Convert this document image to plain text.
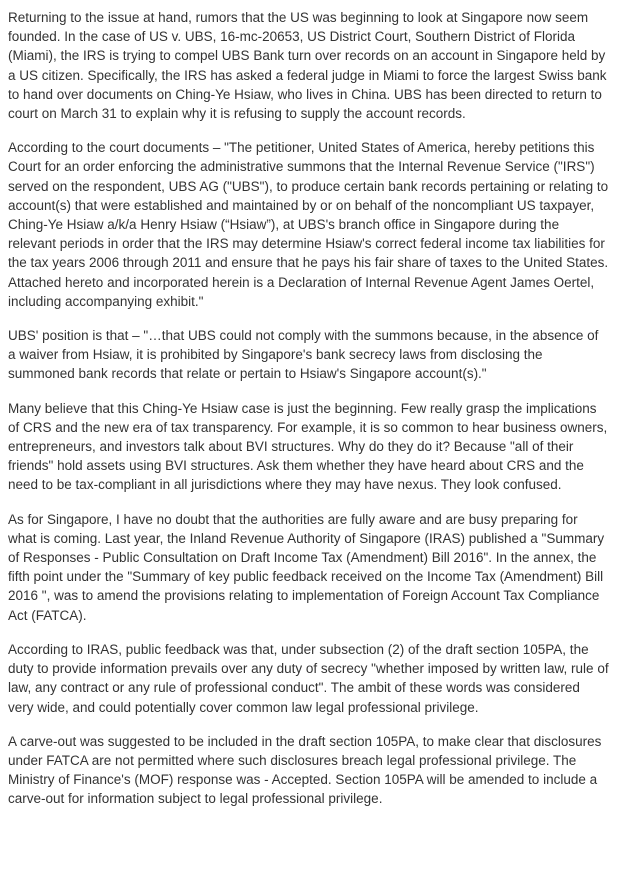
Returning to the issue at hand, rumors that the US was beginning to look at Singapore now seem founded. In the case of US v. UBS, 16-mc-20653, US District Court, Southern District of Florida (Miami), the IRS is trying to compel UBS Bank turn over records on an account in Singapore held by a US citizen. Specifically, the IRS has asked a federal judge in Miami to force the largest Swiss bank to hand over documents on Ching-Ye Hsiaw, who lives in China. UBS has been directed to return to court on March 31 to explain why it is refusing to supply the account records.

According to the court documents – "The petitioner, United States of America, hereby petitions this Court for an order enforcing the administrative summons that the Internal Revenue Service ("IRS") served on the respondent, UBS AG ("UBS"), to produce certain bank records pertaining or relating to account(s) that were established and maintained by or on behalf of the noncompliant US taxpayer, Ching-Ye Hsiaw a/k/a Henry Hsiaw (“Hsiaw”), at UBS's branch office in Singapore during the relevant periods in order that the IRS may determine Hsiaw's correct federal income tax liabilities for the tax years 2006 through 2011 and ensure that he pays his fair share of taxes to the United States. Attached hereto and incorporated herein is a Declaration of Internal Revenue Agent James Oertel, including accompanying exhibit."

UBS' position is that – "…that UBS could not comply with the summons because, in the absence of a waiver from Hsiaw, it is prohibited by Singapore's bank secrecy laws from disclosing the summoned bank records that relate or pertain to Hsiaw's Singapore account(s)."

Many believe that this Ching-Ye Hsiaw case is just the beginning. Few really grasp the implications of CRS and the new era of tax transparency. For example, it is so common to hear business owners, entrepreneurs, and investors talk about BVI structures. Why do they do it? Because "all of their friends" hold assets using BVI structures. Ask them whether they have heard about CRS and the need to be tax-compliant in all jurisdictions where they may have nexus. They look confused.

As for Singapore, I have no doubt that the authorities are fully aware and are busy preparing for what is coming. Last year, the Inland Revenue Authority of Singapore (IRAS) published a "Summary of Responses - Public Consultation on Draft Income Tax (Amendment) Bill 2016". In the annex, the fifth point under the "Summary of key public feedback received on the Income Tax (Amendment) Bill 2016 ", was to amend the provisions relating to implementation of Foreign Account Tax Compliance Act (FATCA).

According to IRAS, public feedback was that, under subsection (2) of the draft section 105PA, the duty to provide information prevails over any duty of secrecy "whether imposed by written law, rule of law, any contract or any rule of professional conduct". The ambit of these words was considered very wide, and could potentially cover common law legal professional privilege.

A carve-out was suggested to be included in the draft section 105PA, to make clear that disclosures under FATCA are not permitted where such disclosures breach legal professional privilege. The Ministry of Finance's (MOF) response was - Accepted. Section 105PA will be amended to include a carve-out for information subject to legal professional privilege.
